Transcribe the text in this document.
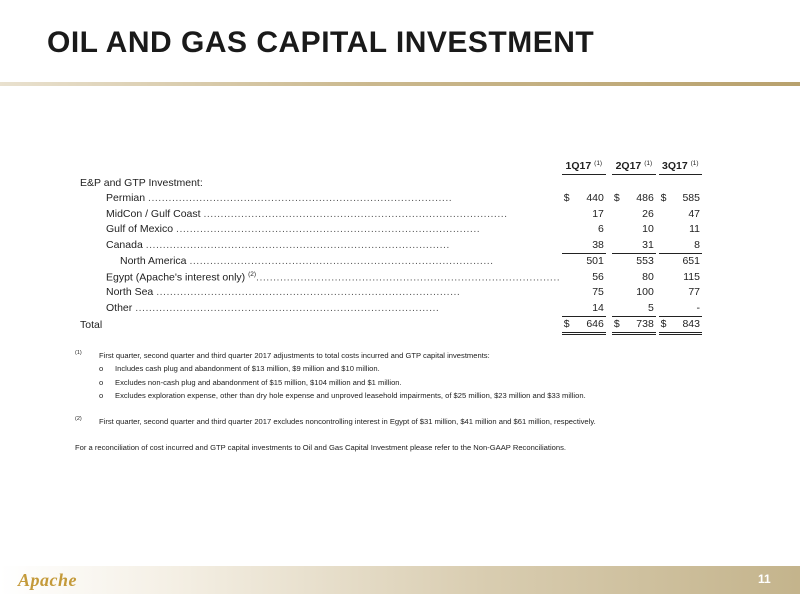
OIL AND GAS CAPITAL INVESTMENT
		1Q17 $^{(1)}$			2Q17 $^{(1)}$			3Q17 $^{(1)}$
E&P and GTP Investment:									
Permian .........................................................................................		$	440		$	486		$	585
MidCon / Gulf Coast .........................................................................................			17			26			47
Gulf of Mexico .........................................................................................			6			10			11
Canada .........................................................................................			38			31			8
North America .........................................................................................			501			553			651
Egypt (Apache's interest only) $^{(2)}$.........................................................................................			56			80			115
North Sea .........................................................................................			75			100			77
Other .........................................................................................			14			5			-
Total		$	646		$	738		$	843
(1) First quarter, second quarter and third quarter 2017 adjustments to total costs incurred and GTP capital investments:
o Includes cash plug and abandonment of $13 million, $9 million and $10 million.
o Excludes non-cash plug and abandonment of $15 million, $104 million and $1 million.
o Excludes exploration expense, other than dry hole expense and unproved leasehold impairments, of $25 million, $23 million and $33 million.
(2) First quarter, second quarter and third quarter 2017 excludes noncontrolling interest in Egypt of $31 million, $41 million and $61 million, respectively.
For a reconciliation of cost incurred and GTP capital investments to Oil and Gas Capital Investment please refer to the Non-GAAP Reconciliations.
Apache	11
